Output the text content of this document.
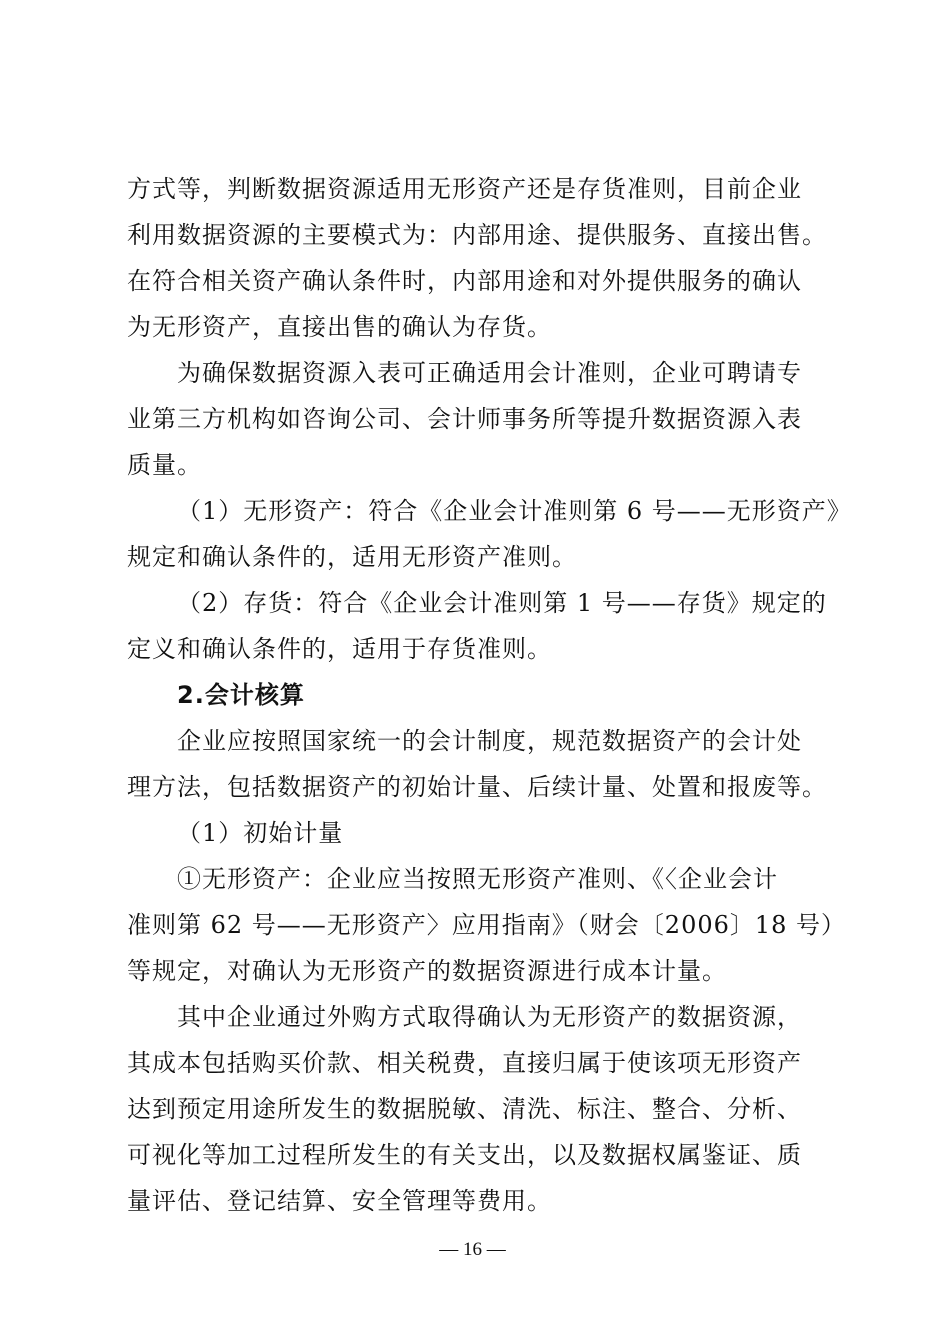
方式等，判断数据资源适用无形资产还是存货准则，目前企业
利用数据资源的主要模式为：内部用途、提供服务、直接出售。
在符合相关资产确认条件时，内部用途和对外提供服务的确认
为无形资产，直接出售的确认为存货。
为确保数据资源入表可正确适用会计准则，企业可聘请专
业第三方机构如咨询公司、会计师事务所等提升数据资源入表
质量。
（1）无形资产：符合《企业会计准则第 6 号——无形资产》
规定和确认条件的，适用无形资产准则。
（2）存货：符合《企业会计准则第 1 号——存货》规定的
定义和确认条件的，适用于存货准则。
2.会计核算
企业应按照国家统一的会计制度，规范数据资产的会计处
理方法，包括数据资产的初始计量、后续计量、处置和报废等。
（1）初始计量
①无形资产：企业应当按照无形资产准则、《〈企业会计
准则第 62 号——无形资产〉应用指南》（财会〔2006〕18 号）
等规定，对确认为无形资产的数据资源进行成本计量。
其中企业通过外购方式取得确认为无形资产的数据资源，
其成本包括购买价款、相关税费，直接归属于使该项无形资产
达到预定用途所发生的数据脱敏、清洗、标注、整合、分析、
可视化等加工过程所发生的有关支出，以及数据权属鉴证、质
量评估、登记结算、安全管理等费用。
— 16 —
